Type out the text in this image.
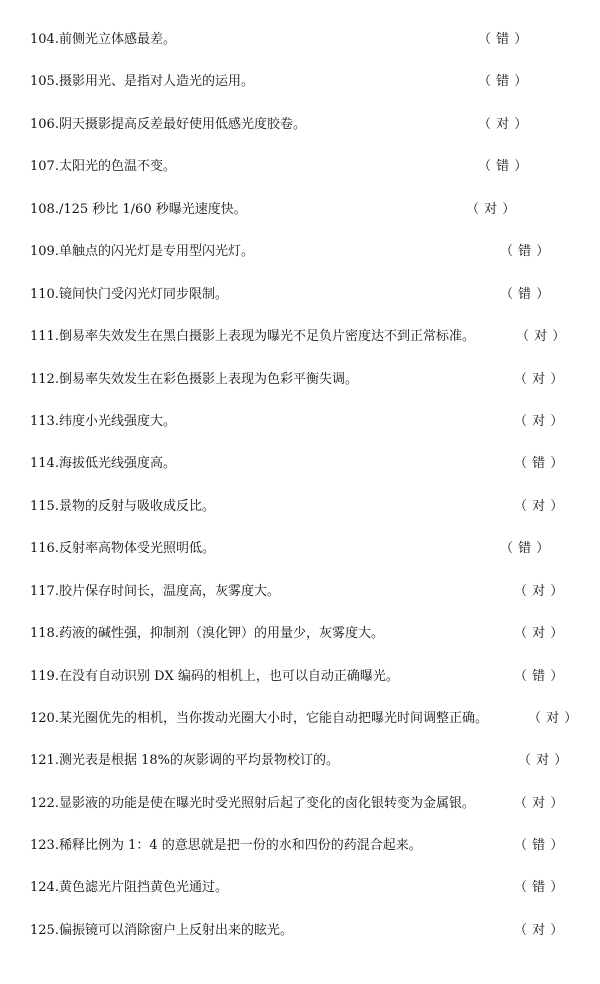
104.前侧光立体感最差。	（ 错 ）
105.摄影用光、是指对人造光的运用。	（ 错 ）
106.阴天摄影提高反差最好使用低感光度胶卷。	（ 对 ）
107.太阳光的色温不变。	（ 错 ）
108./125 秒比 1/60 秒曝光速度快。	（ 对 ）
109.单触点的闪光灯是专用型闪光灯。	（ 错 ）
110.镜间快门受闪光灯同步限制。	（ 错 ）
111.倒易率失效发生在黑白摄影上表现为曝光不足负片密度达不到正常标准。	（ 对 ）
112.倒易率失效发生在彩色摄影上表现为色彩平衡失调。	（ 对 ）
113.纬度小光线强度大。	（ 对 ）
114.海拔低光线强度高。	（ 错 ）
115.景物的反射与吸收成反比。	（ 对 ）
116.反射率高物体受光照明低。	（ 错 ）
117.胶片保存时间长，温度高，灰雾度大。	（ 对 ）
118.药液的碱性强，抑制剂（溴化钾）的用量少，灰雾度大。	（ 对 ）
119.在没有自动识别 DX 编码的相机上，也可以自动正确曝光。	（ 错 ）
120.某光圈优先的相机，当你拨动光圈大小时，它能自动把曝光时间调整正确。	（ 对 ）
121.测光表是根据 18%的灰影调的平均景物校订的。	（ 对 ）
122.显影液的功能是使在曝光时受光照射后起了变化的卤化银转变为金属银。	（ 对 ）
123.稀释比例为 1：4 的意思就是把一份的水和四份的药混合起来。	（ 错 ）
124.黄色滤光片阻挡黄色光通过。	（ 错 ）
125.偏振镜可以消除窗户上反射出来的眩光。	（ 对 ）
